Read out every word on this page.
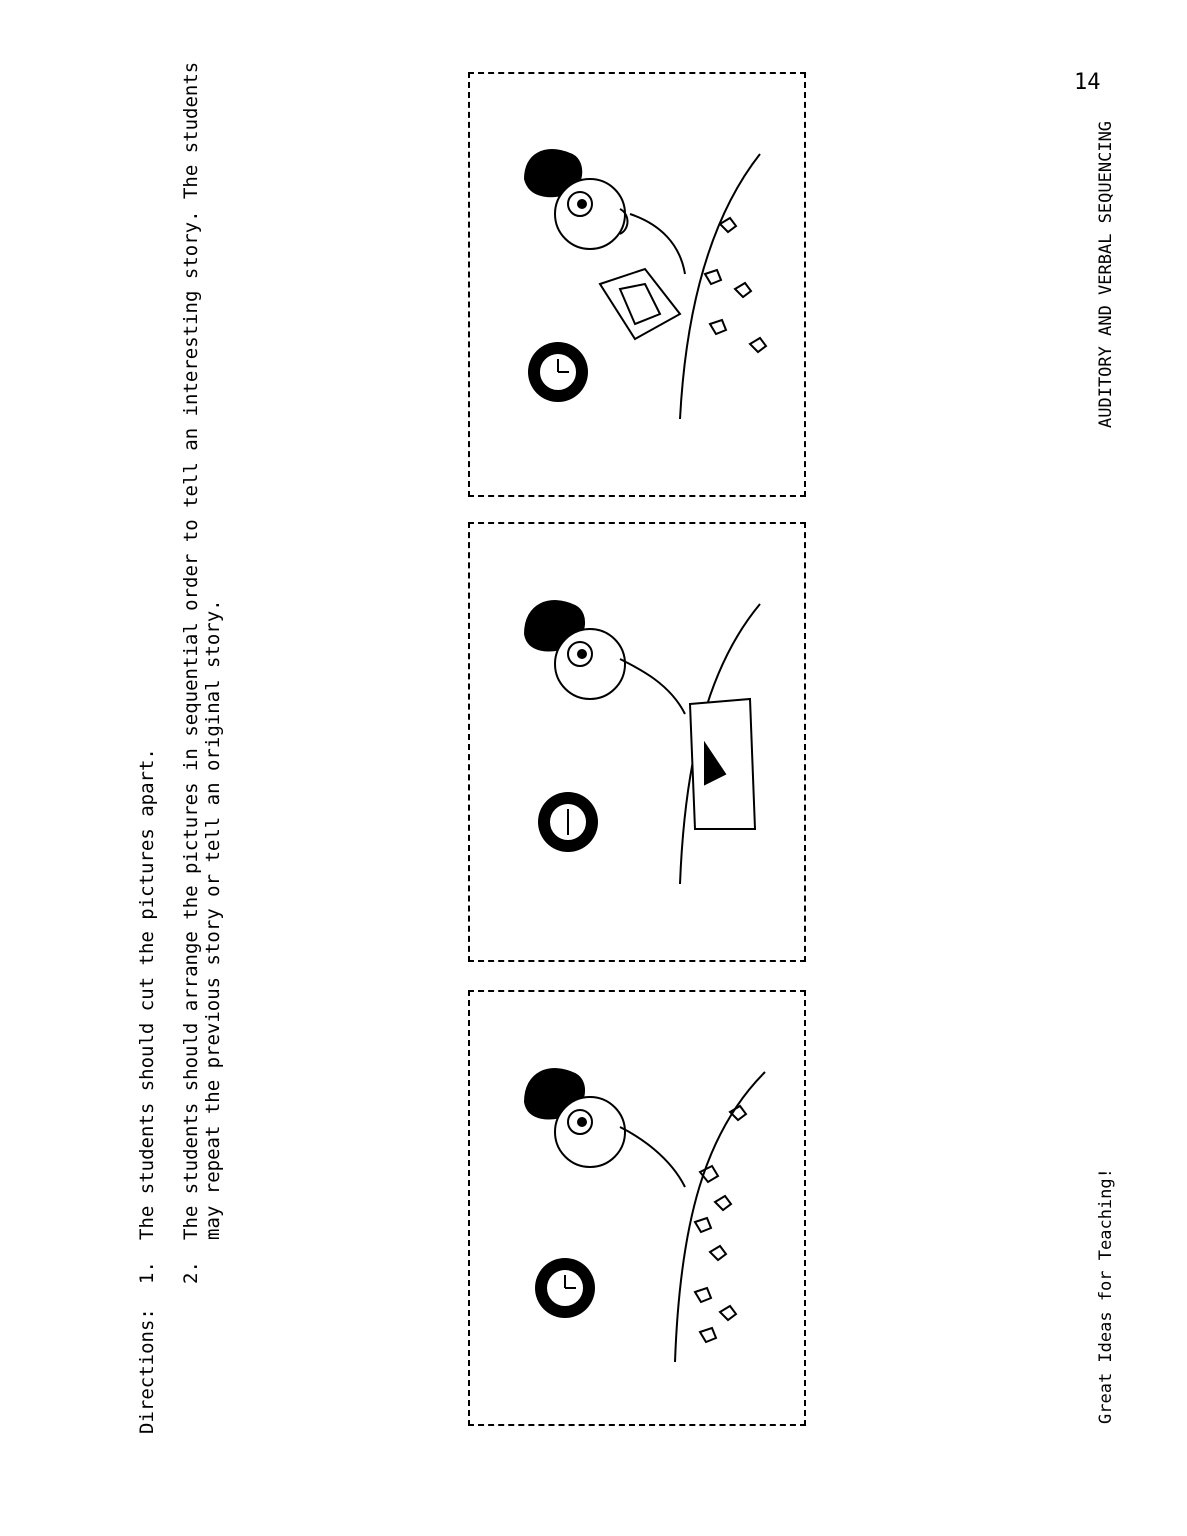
Directions:
1.The students should cut the pictures apart.
2.The students should arrange the pictures in sequential order to tell an interesting story. The students may repeat the previous story or tell an original story.
14
AUDITORY AND VERBAL SEQUENCING
Great Ideas for Teaching!
